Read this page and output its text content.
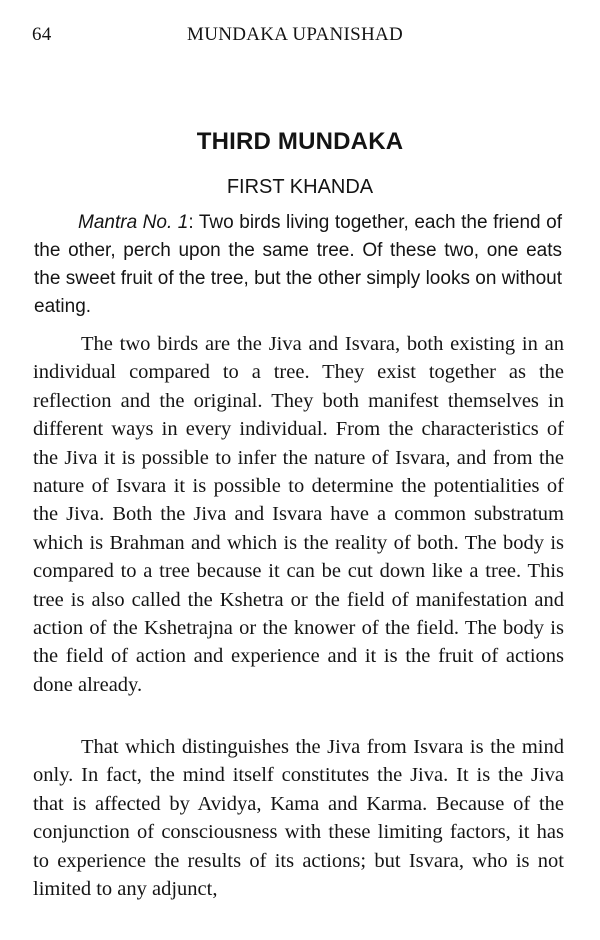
64	MUNDAKA UPANISHAD
THIRD MUNDAKA
FIRST KHANDA

Mantra No. 1: Two birds living together, each the friend of the other, perch upon the same tree. Of these two, one eats the sweet fruit of the tree, but the other simply looks on without eating.

The two birds are the Jiva and Isvara, both existing in an individual compared to a tree. They exist together as the reflection and the original. They both manifest themselves in different ways in every individual. From the characteristics of the Jiva it is possible to infer the nature of Isvara, and from the nature of Isvara it is possible to determine the potentialities of the Jiva. Both the Jiva and Isvara have a common substratum which is Brahman and which is the reality of both. The body is compared to a tree because it can be cut down like a tree. This tree is also called the Kshetra or the field of manifestation and action of the Kshetrajna or the knower of the field. The body is the field of action and experience and it is the fruit of actions done already.

That which distinguishes the Jiva from Isvara is the mind only. In fact, the mind itself constitutes the Jiva. It is the Jiva that is affected by Avidya, Kama and Karma. Because of the conjunction of consciousness with these limiting factors, it has to experience the results of its actions; but Isvara, who is not limited to any adjunct,
